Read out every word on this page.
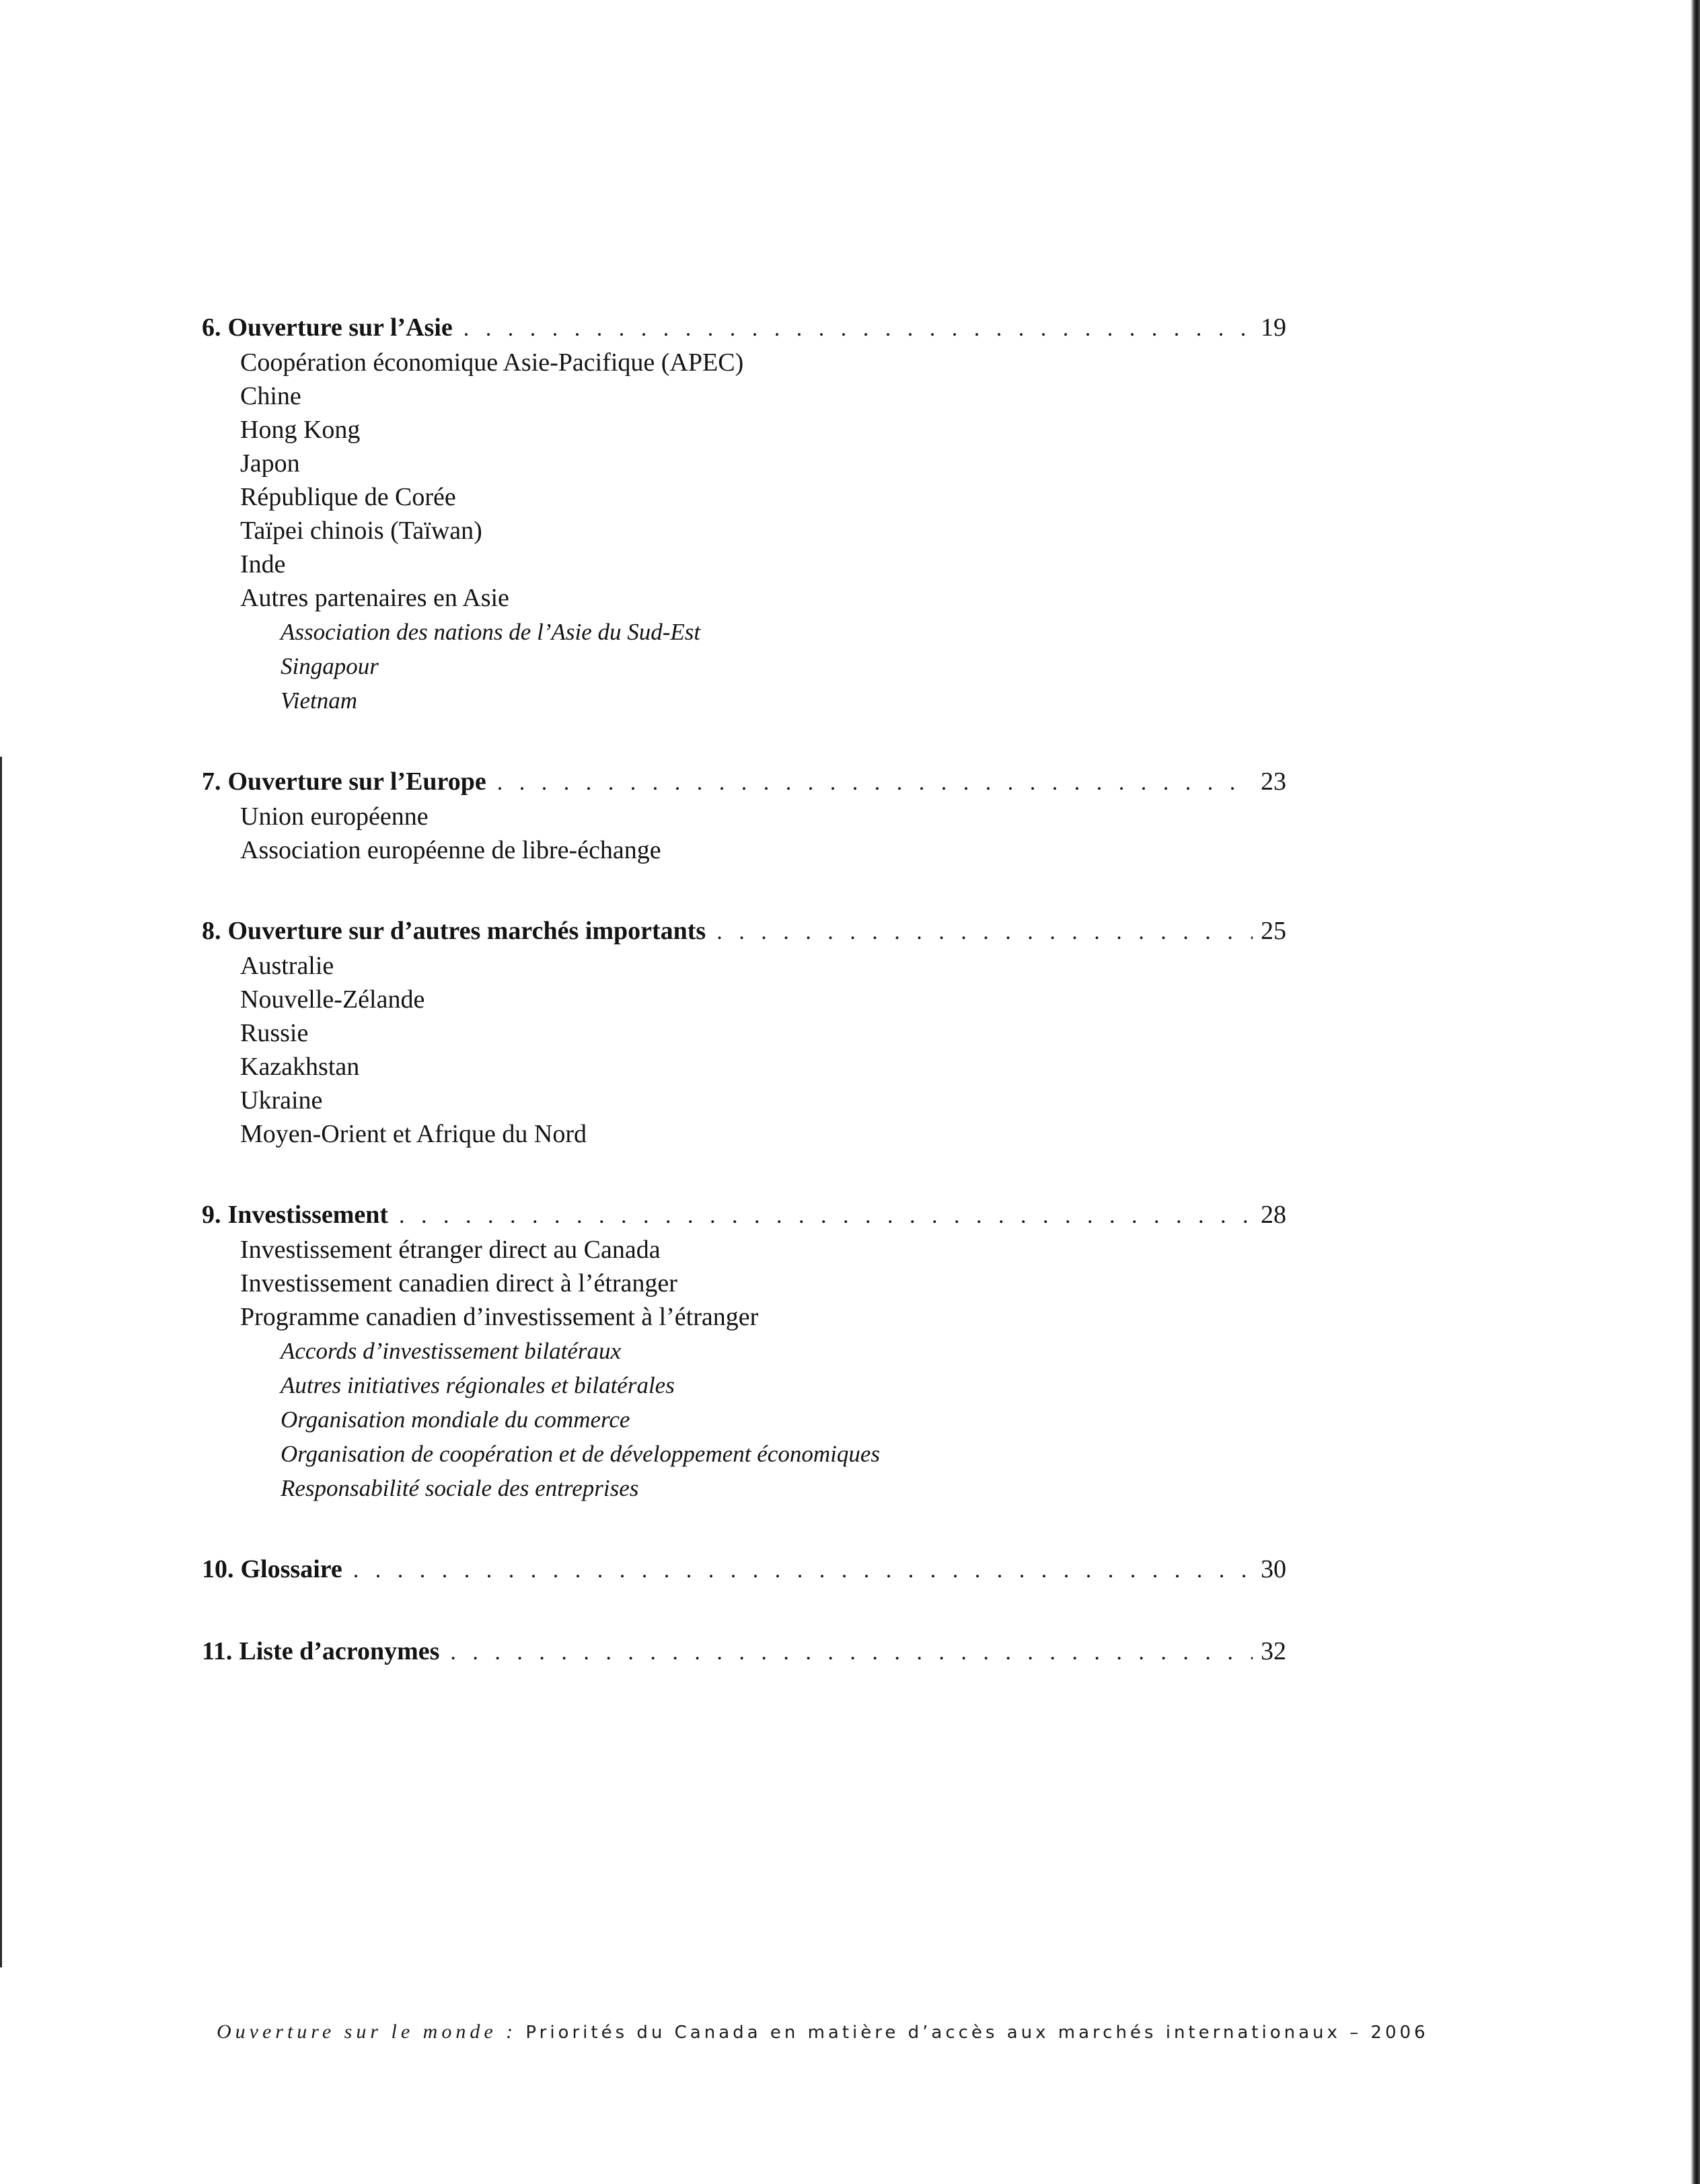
6. Ouverture sur l’Asie . . .	19
Coopération économique Asie-Pacifique (APEC)
Chine
Hong Kong
Japon
République de Corée
Taïpei chinois (Taïwan)
Inde
Autres partenaires en Asie
Association des nations de l’Asie du Sud-Est
Singapour
Vietnam
7. Ouverture sur l’Europe . . .	23
Union européenne
Association européenne de libre-échange
8. Ouverture sur d’autres marchés importants . . .	25
Australie
Nouvelle-Zélande
Russie
Kazakhstan
Ukraine
Moyen-Orient et Afrique du Nord
9. Investissement . . .	28
Investissement étranger direct au Canada
Investissement canadien direct à l’étranger
Programme canadien d’investissement à l’étranger
Accords d’investissement bilatéraux
Autres initiatives régionales et bilatérales
Organisation mondiale du commerce
Organisation de coopération et de développement économiques
Responsabilité sociale des entreprises
10. Glossaire . . .	30
11. Liste d’acronymes . . .	32
Ouverture sur le monde : Priorités du Canada en matière d’accès aux marchés internationaux – 2006
